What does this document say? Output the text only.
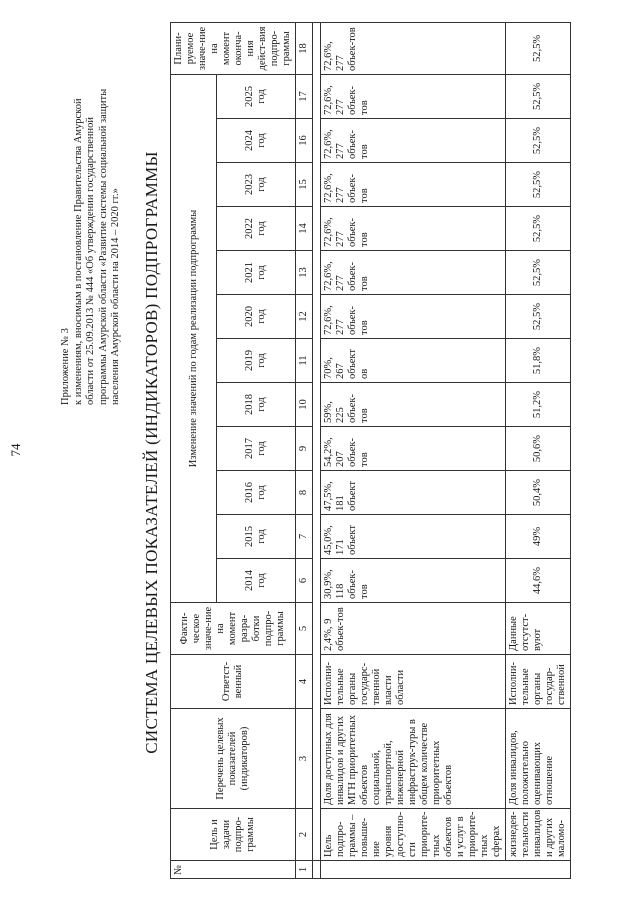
74
Приложение № 3 к изменениям, вносимым в постановление Правительства Амурской области от 25.09.2013 № 444 «Об утверждении государственной программы Амурской области «Развитие системы социальной защиты населения Амурской области на 2014 – 2020 гг.» СИСТЕМА ЦЕЛЕВЫХ ПОКАЗАТЕЛЕЙ (ИНДИКАТОРОВ) ПОДПРОГРАММЫ
№	Цель и задачи подпро-граммы	Перечень целевых показателей (индикаторов)	Ответст-венный	Факти-ческое значе-ние на момент разра-ботки подпро-граммы	Изменение значений по годам реализации подпрограммы												Плани-руемое значе-ние на момент оконча-ния дейст-вия подпро-граммы
					2014 год	2015 год	2016 год	2017 год	2018 год	2019 год	2020 год	2021 год	2022 год	2023 год	2024 год	2025 год	
1	2	3	4	5	6	7	8	9	10	11	12	13	14	15	16	17	18

	Цель подпро-граммы – повыше-ние уровня доступно-сти приорите-тных объектов и услуг в приорите-тных сферах	Доля доступных для инвалидов и других МГН приоритетных объектов социальной, транспортной, инженерной инфраструк-туры в общем количестве приоритетных объектов	Исполни-тельные органы государс-твенной власти области	2,4%, 9 объек-тов	30,9%, 118 объек-тов	45,0%, 171 объект	47,5%, 181 объект	54,2%, 207 объек-тов	59%, 225 объек-тов	70%, 267 объект ов	72,6%, 277 объек-тов	72,6%, 277 объек-тов	72,6%, 277 объек-тов	72,6%, 277 объек-тов	72,6%, 277 объек-тов	72,6%, 277 объек-тов	72,6%, 277 объек-тов
	жизнедея-тельности инвалидов и других маломо-	Доля инвалидов, положительно оценивающих отношение	Исполни-тельные органы государ-ственной	Данные отсутст-вуют	44,6%	49%	50,4%	50,6%	51,2%	51,8%	52,5%	52,5%	52,5%	52,5%	52,5%	52,5%	52,5%
